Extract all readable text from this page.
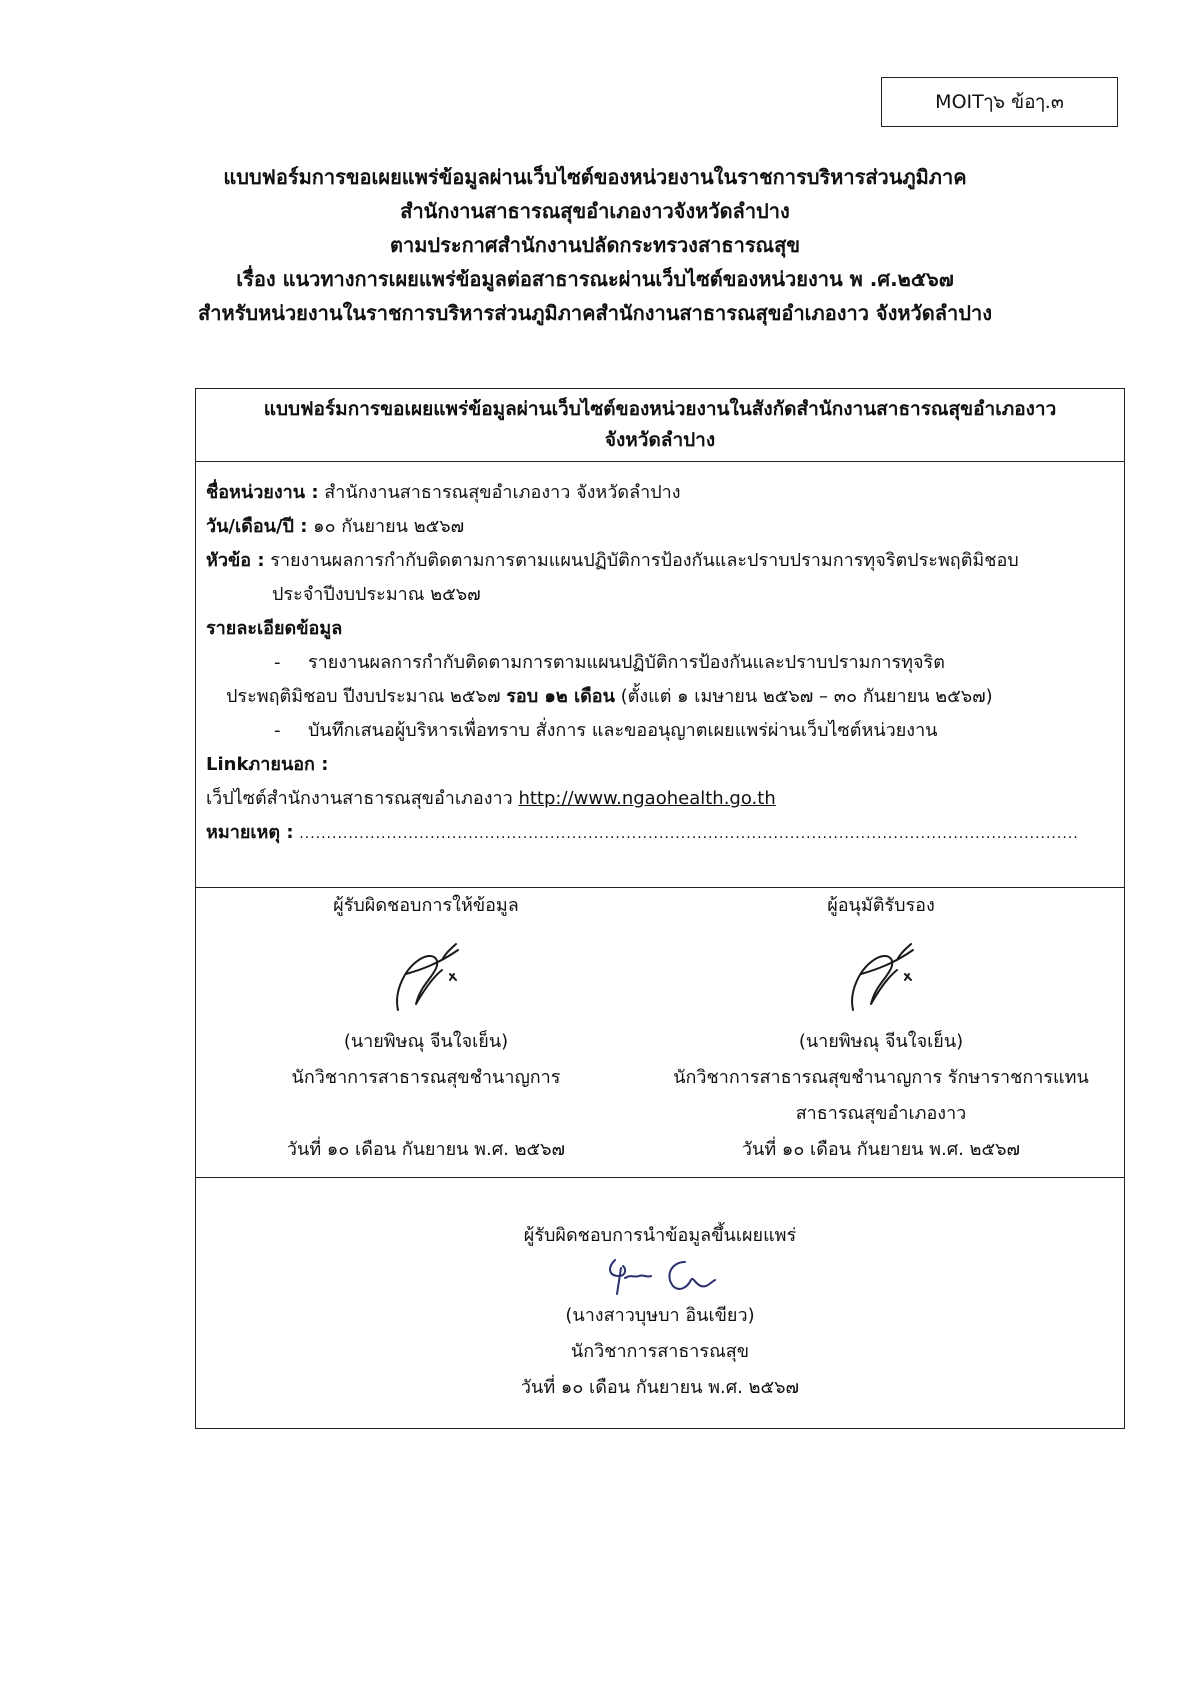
MOITๅ๖ ข้อๅ.๓
แบบฟอร์มการขอเผยแพร่ข้อมูลผ่านเว็บไซต์ของหน่วยงานในราชการบริหารส่วนภูมิภาค
สำนักงานสาธารณสุขอำเภองาวจังหวัดลำปาง
ตามประกาศสำนักงานปลัดกระทรวงสาธารณสุข
เรื่อง แนวทางการเผยแพร่ข้อมูลต่อสาธารณะผ่านเว็บไซต์ของหน่วยงาน พ .ศ.๒๕๖๗
สำหรับหน่วยงานในราชการบริหารส่วนภูมิภาคสำนักงานสาธารณสุขอำเภองาว จังหวัดลำปาง
แบบฟอร์มการขอเผยแพร่ข้อมูลผ่านเว็บไซต์ของหน่วยงานในสังกัดสำนักงานสาธารณสุขอำเภองาว
จังหวัดลำปาง
ชื่อหน่วยงาน : สำนักงานสาธารณสุขอำเภองาว จังหวัดลำปาง
วัน/เดือน/ปี : ๑๐ กันยายน ๒๕๖๗
หัวข้อ : รายงานผลการกำกับติดตามการตามแผนปฏิบัติการป้องกันและปราบปรามการทุจริตประพฤติมิชอบ
ประจำปีงบประมาณ ๒๕๖๗
รายละเอียดข้อมูล
- รายงานผลการกำกับติดตามการตามแผนปฏิบัติการป้องกันและปราบปรามการทุจริต
ประพฤติมิชอบ ปีงบประมาณ ๒๕๖๗ รอบ ๑๒ เดือน (ตั้งแต่ ๑ เมษายน ๒๕๖๗ – ๓๐ กันยายน ๒๕๖๗)
- บันทึกเสนอผู้บริหารเพื่อทราบ สั่งการ และขออนุญาตเผยแพร่ผ่านเว็บไซต์หน่วยงาน
Linkภายนอก :
เว็ปไซต์สำนักงานสาธารณสุขอำเภองาว http://www.ngaohealth.go.th
หมายเหตุ : ...............................................................................................................................................
ผู้รับผิดชอบการให้ข้อมูล
(นายพิษณุ จีนใจเย็น)
นักวิชาการสาธารณสุขชำนาญการ
วันที่ ๑๐ เดือน กันยายน พ.ศ. ๒๕๖๗
ผู้อนุมัติรับรอง
(นายพิษณุ จีนใจเย็น)
นักวิชาการสาธารณสุขชำนาญการ รักษาราชการแทน
สาธารณสุขอำเภองาว
วันที่ ๑๐ เดือน กันยายน พ.ศ. ๒๕๖๗
ผู้รับผิดชอบการนำข้อมูลขึ้นเผยแพร่
(นางสาวบุษบา อินเขียว)
นักวิชาการสาธารณสุข
วันที่ ๑๐ เดือน กันยายน พ.ศ. ๒๕๖๗
